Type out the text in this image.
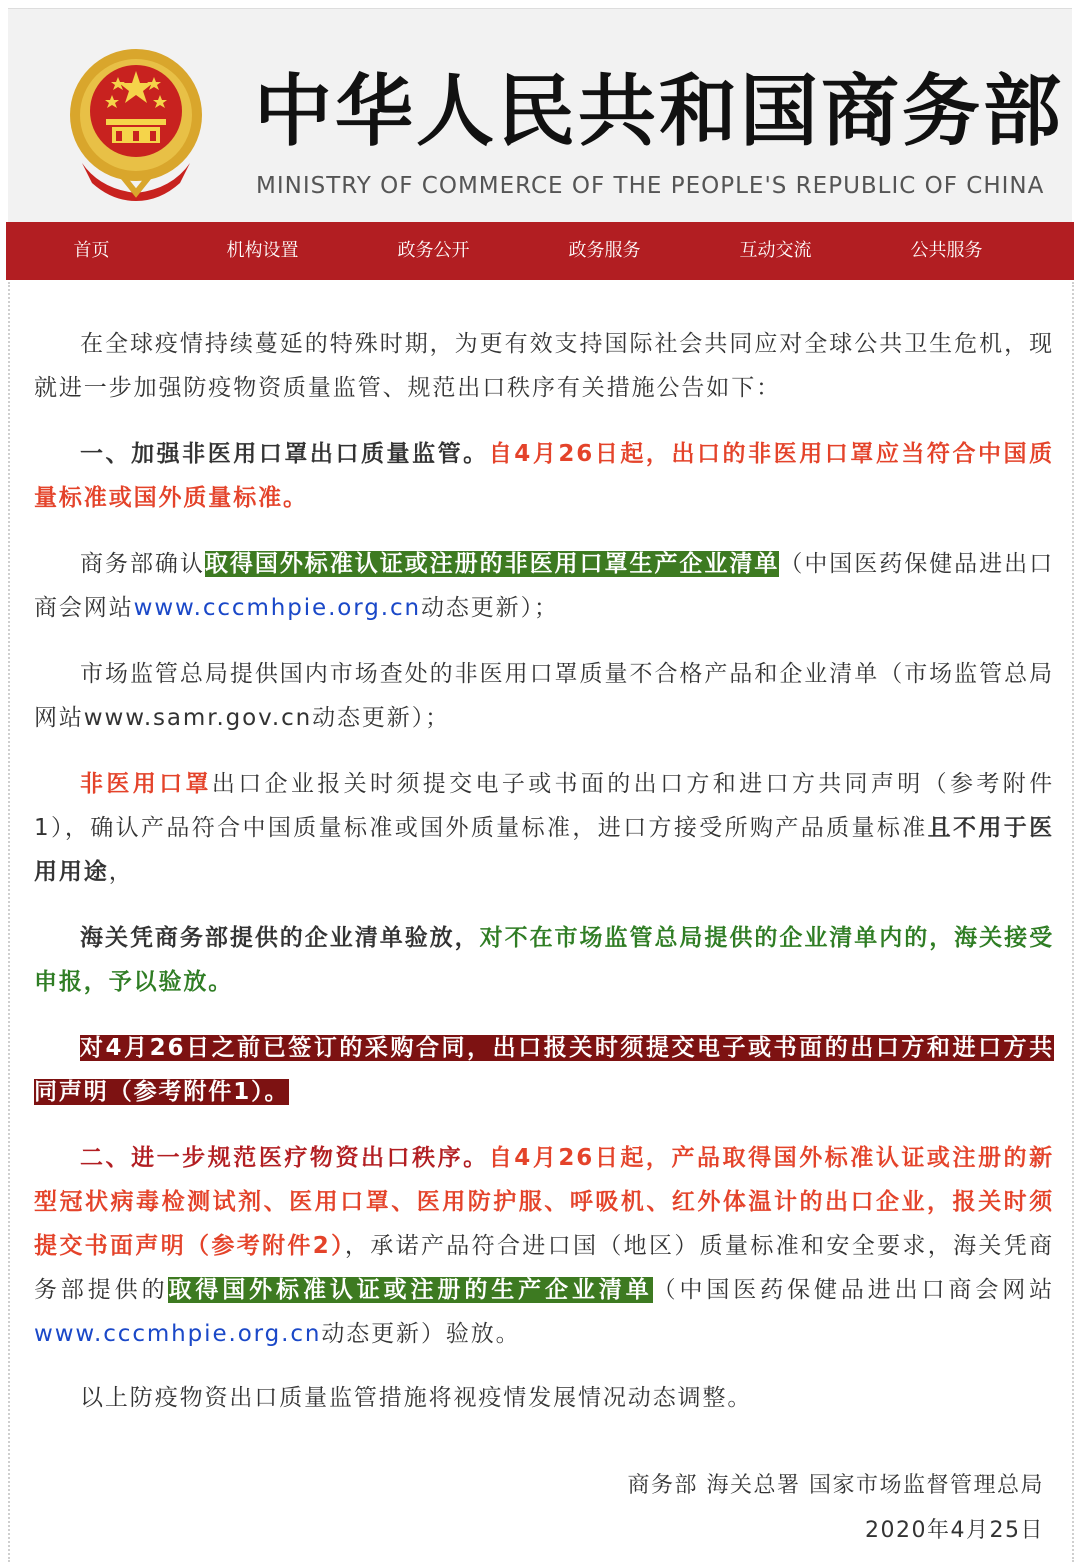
中华人民共和国商务部
MINISTRY OF COMMERCE OF THE PEOPLE'S REPUBLIC OF CHINA
首页	机构设置	政务公开	政务服务	互动交流	公共服务

在全球疫情持续蔓延的特殊时期，为更有效支持国际社会共同应对全球公共卫生危机，现就进一步加强防疫物资质量监管、规范出口秩序有关措施公告如下：

一、加强非医用口罩出口质量监管。自4月26日起，出口的非医用口罩应当符合中国质量标准或国外质量标准。

商务部确认取得国外标准认证或注册的非医用口罩生产企业清单（中国医药保健品进出口商会网站www.cccmhpie.org.cn动态更新）；

市场监管总局提供国内市场查处的非医用口罩质量不合格产品和企业清单（市场监管总局网站www.samr.gov.cn动态更新）；

非医用口罩出口企业报关时须提交电子或书面的出口方和进口方共同声明（参考附件1），确认产品符合中国质量标准或国外质量标准，进口方接受所购产品质量标准且不用于医用用途，

海关凭商务部提供的企业清单验放，对不在市场监管总局提供的企业清单内的，海关接受申报，予以验放。

对4月26日之前已签订的采购合同，出口报关时须提交电子或书面的出口方和进口方共同声明（参考附件1）。

二、进一步规范医疗物资出口秩序。自4月26日起，产品取得国外标准认证或注册的新型冠状病毒检测试剂、医用口罩、医用防护服、呼吸机、红外体温计的出口企业，报关时须提交书面声明（参考附件2），承诺产品符合进口国（地区）质量标准和安全要求，海关凭商务部提供的取得国外标准认证或注册的生产企业清单（中国医药保健品进出口商会网站www.cccmhpie.org.cn动态更新）验放。

以上防疫物资出口质量监管措施将视疫情发展情况动态调整。

商务部 海关总署 国家市场监督管理总局
2020年4月25日
